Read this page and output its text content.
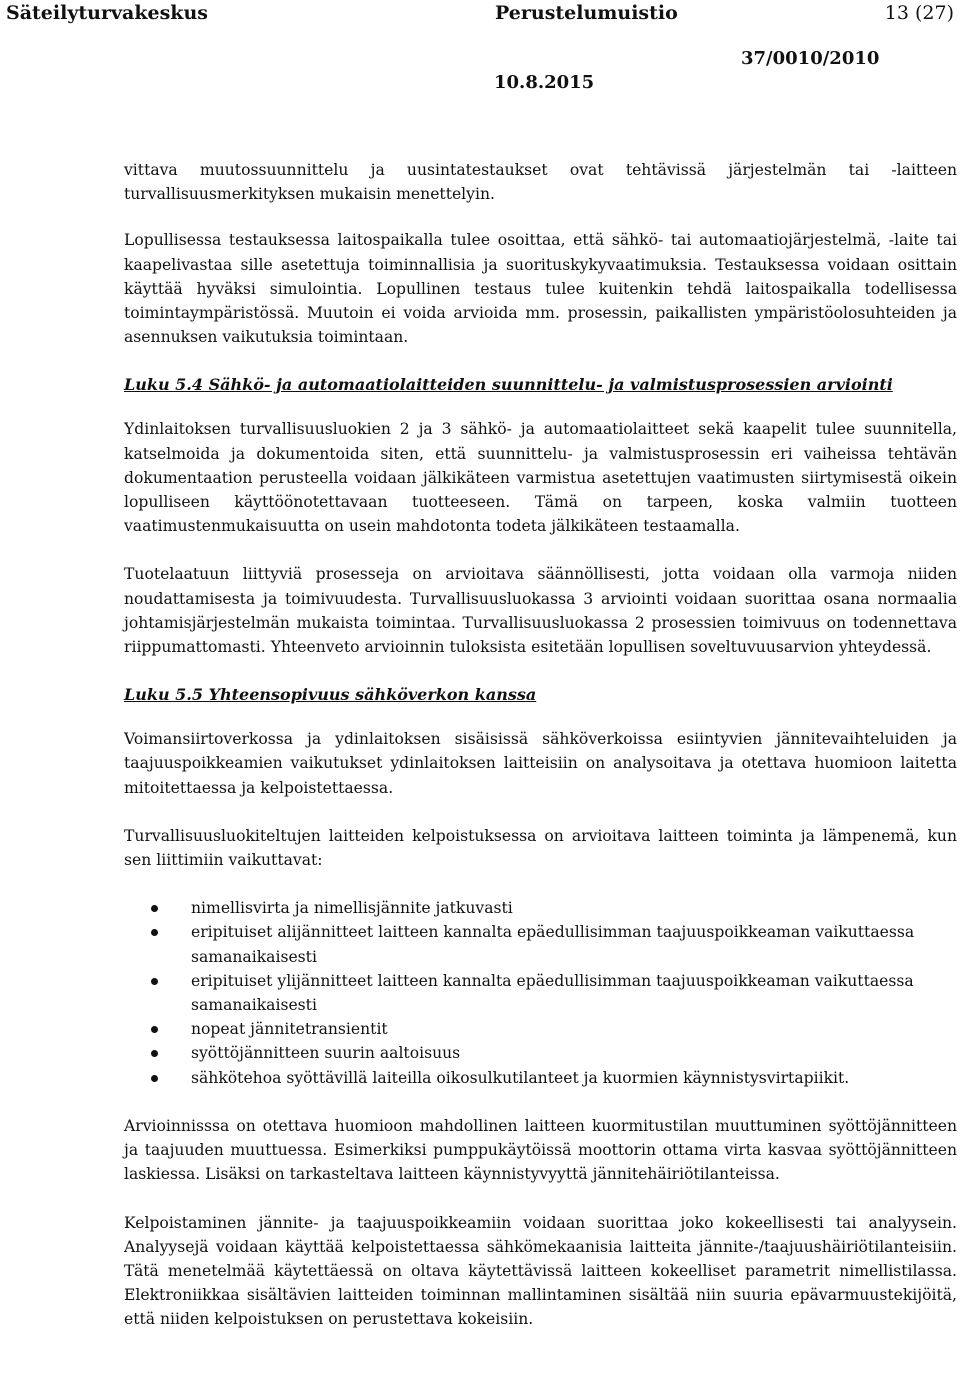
Säteilyturvakeskus	Perustelumuistio	13 (27)
37/0010/2010
10.8.2015

vittava muutossuunnittelu ja uusintatestaukset ovat tehtävissä järjestelmän tai -laitteen turvallisuusmerkityksen mukaisin menettelyin.

Lopullisessa testauksessa laitospaikalla tulee osoittaa, että sähkö- tai automaatiojärjestelmä, -laite tai kaapelivastaa sille asetettuja toiminnallisia ja suorituskykyvaatimuksia. Testauksessa voidaan osittain käyttää hyväksi simulointia. Lopullinen testaus tulee kuitenkin tehdä laitospaikalla todellisessa toimintaympäristössä. Muutoin ei voida arvioida mm. prosessin, paikallisten ympäristöolosuhteiden ja asennuksen vaikutuksia toimintaan.

Luku 5.4 Sähkö- ja automaatiolaitteiden suunnittelu- ja valmistusprosessien arviointi

Ydinlaitoksen turvallisuusluokien 2 ja 3 sähkö- ja automaatiolaitteet sekä kaapelit tulee suunnitella, katselmoida ja dokumentoida siten, että suunnittelu- ja valmistusprosessin eri vaiheissa tehtävän dokumentaation perusteella voidaan jälkikäteen varmistua asetettujen vaatimusten siirtymisestä oikein lopulliseen käyttöönotettavaan tuotteeseen. Tämä on tarpeen, koska valmiin tuotteen vaatimustenmukaisuutta on usein mahdotonta todeta jälkikäteen testaamalla.

Tuotelaatuun liittyviä prosesseja on arvioitava säännöllisesti, jotta voidaan olla varmoja niiden noudattamisesta ja toimivuudesta. Turvallisuusluokassa 3 arviointi voidaan suorittaa osana normaalia johtamisjärjestelmän mukaista toimintaa. Turvallisuusluokassa 2 prosessien toimivuus on todennettava riippumattomasti. Yhteenveto arvioinnin tuloksista esitetään lopullisen soveltuvuusarvion yhteydessä.

Luku 5.5 Yhteensopivuus sähköverkon kanssa

Voimansiirtoverkossa ja ydinlaitoksen sisäisissä sähköverkoissa esiintyvien jännitevaihteluiden ja taajuuspoikkeamien vaikutukset ydinlaitoksen laitteisiin on analysoitava ja otettava huomioon laitetta mitoitettaessa ja kelpoistettaessa.

Turvallisuusluokiteltujen laitteiden kelpoistuksessa on arvioitava laitteen toiminta ja lämpenemä, kun sen liittimiin vaikuttavat:

nimellisvirta ja nimellisjännite jatkuvasti
eripituiset alijännitteet laitteen kannalta epäedullisimman taajuuspoikkeaman vaikuttaessa samanaikaisesti
eripituiset ylijännitteet laitteen kannalta epäedullisimman taajuuspoikkeaman vaikuttaessa samanaikaisesti
nopeat jännitetransientit
syöttöjännitteen suurin aaltoisuus
sähkötehoa syöttävillä laiteilla oikosulkutilanteet ja kuormien käynnistysvirtapiikit.

Arvioinnisssa on otettava huomioon mahdollinen laitteen kuormitustilan muuttuminen syöttöjännitteen ja taajuuden muuttuessa. Esimerkiksi pumppukäytöissä moottorin ottama virta kasvaa syöttöjännitteen laskiessa. Lisäksi on tarkasteltava laitteen käynnistyvyyttä jännitehäiriötilanteissa.

Kelpoistaminen jännite- ja taajuuspoikkeamiin voidaan suorittaa joko kokeellisesti tai analyysein. Analyysejä voidaan käyttää kelpoistettaessa sähkömekaanisia laitteita jännite-/taajuushäiriötilanteisiin. Tätä menetelmää käytettäessä on oltava käytettävissä laitteen kokeelliset parametrit nimellistilassa. Elektroniikkaa sisältävien laitteiden toiminnan mallintaminen sisältää niin suuria epävarmuustekijöitä, että niiden kelpoistuksen on perustettava kokeisiin.
